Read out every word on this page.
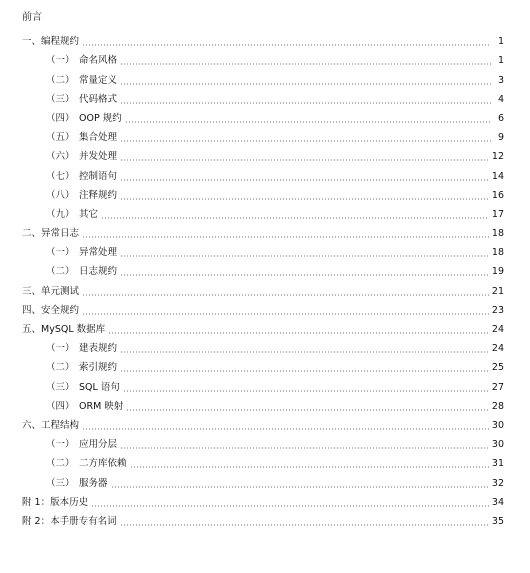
前言
一、编程规约	1
（一） 命名风格	1
（二） 常量定义	3
（三） 代码格式	4
（四） OOP 规约	6
（五） 集合处理	9
（六） 并发处理	12
（七） 控制语句	14
（八） 注释规约	16
（九） 其它	17
二、异常日志	18
（一） 异常处理	18
（二） 日志规约	19
三、单元测试	21
四、安全规约	23
五、MySQL 数据库	24
（一） 建表规约	24
（二） 索引规约	25
（三） SQL 语句	27
（四） ORM 映射	28
六、工程结构	30
（一） 应用分层	30
（二） 二方库依赖	31
（三） 服务器	32
附 1：版本历史	34
附 2：本手册专有名词	35
